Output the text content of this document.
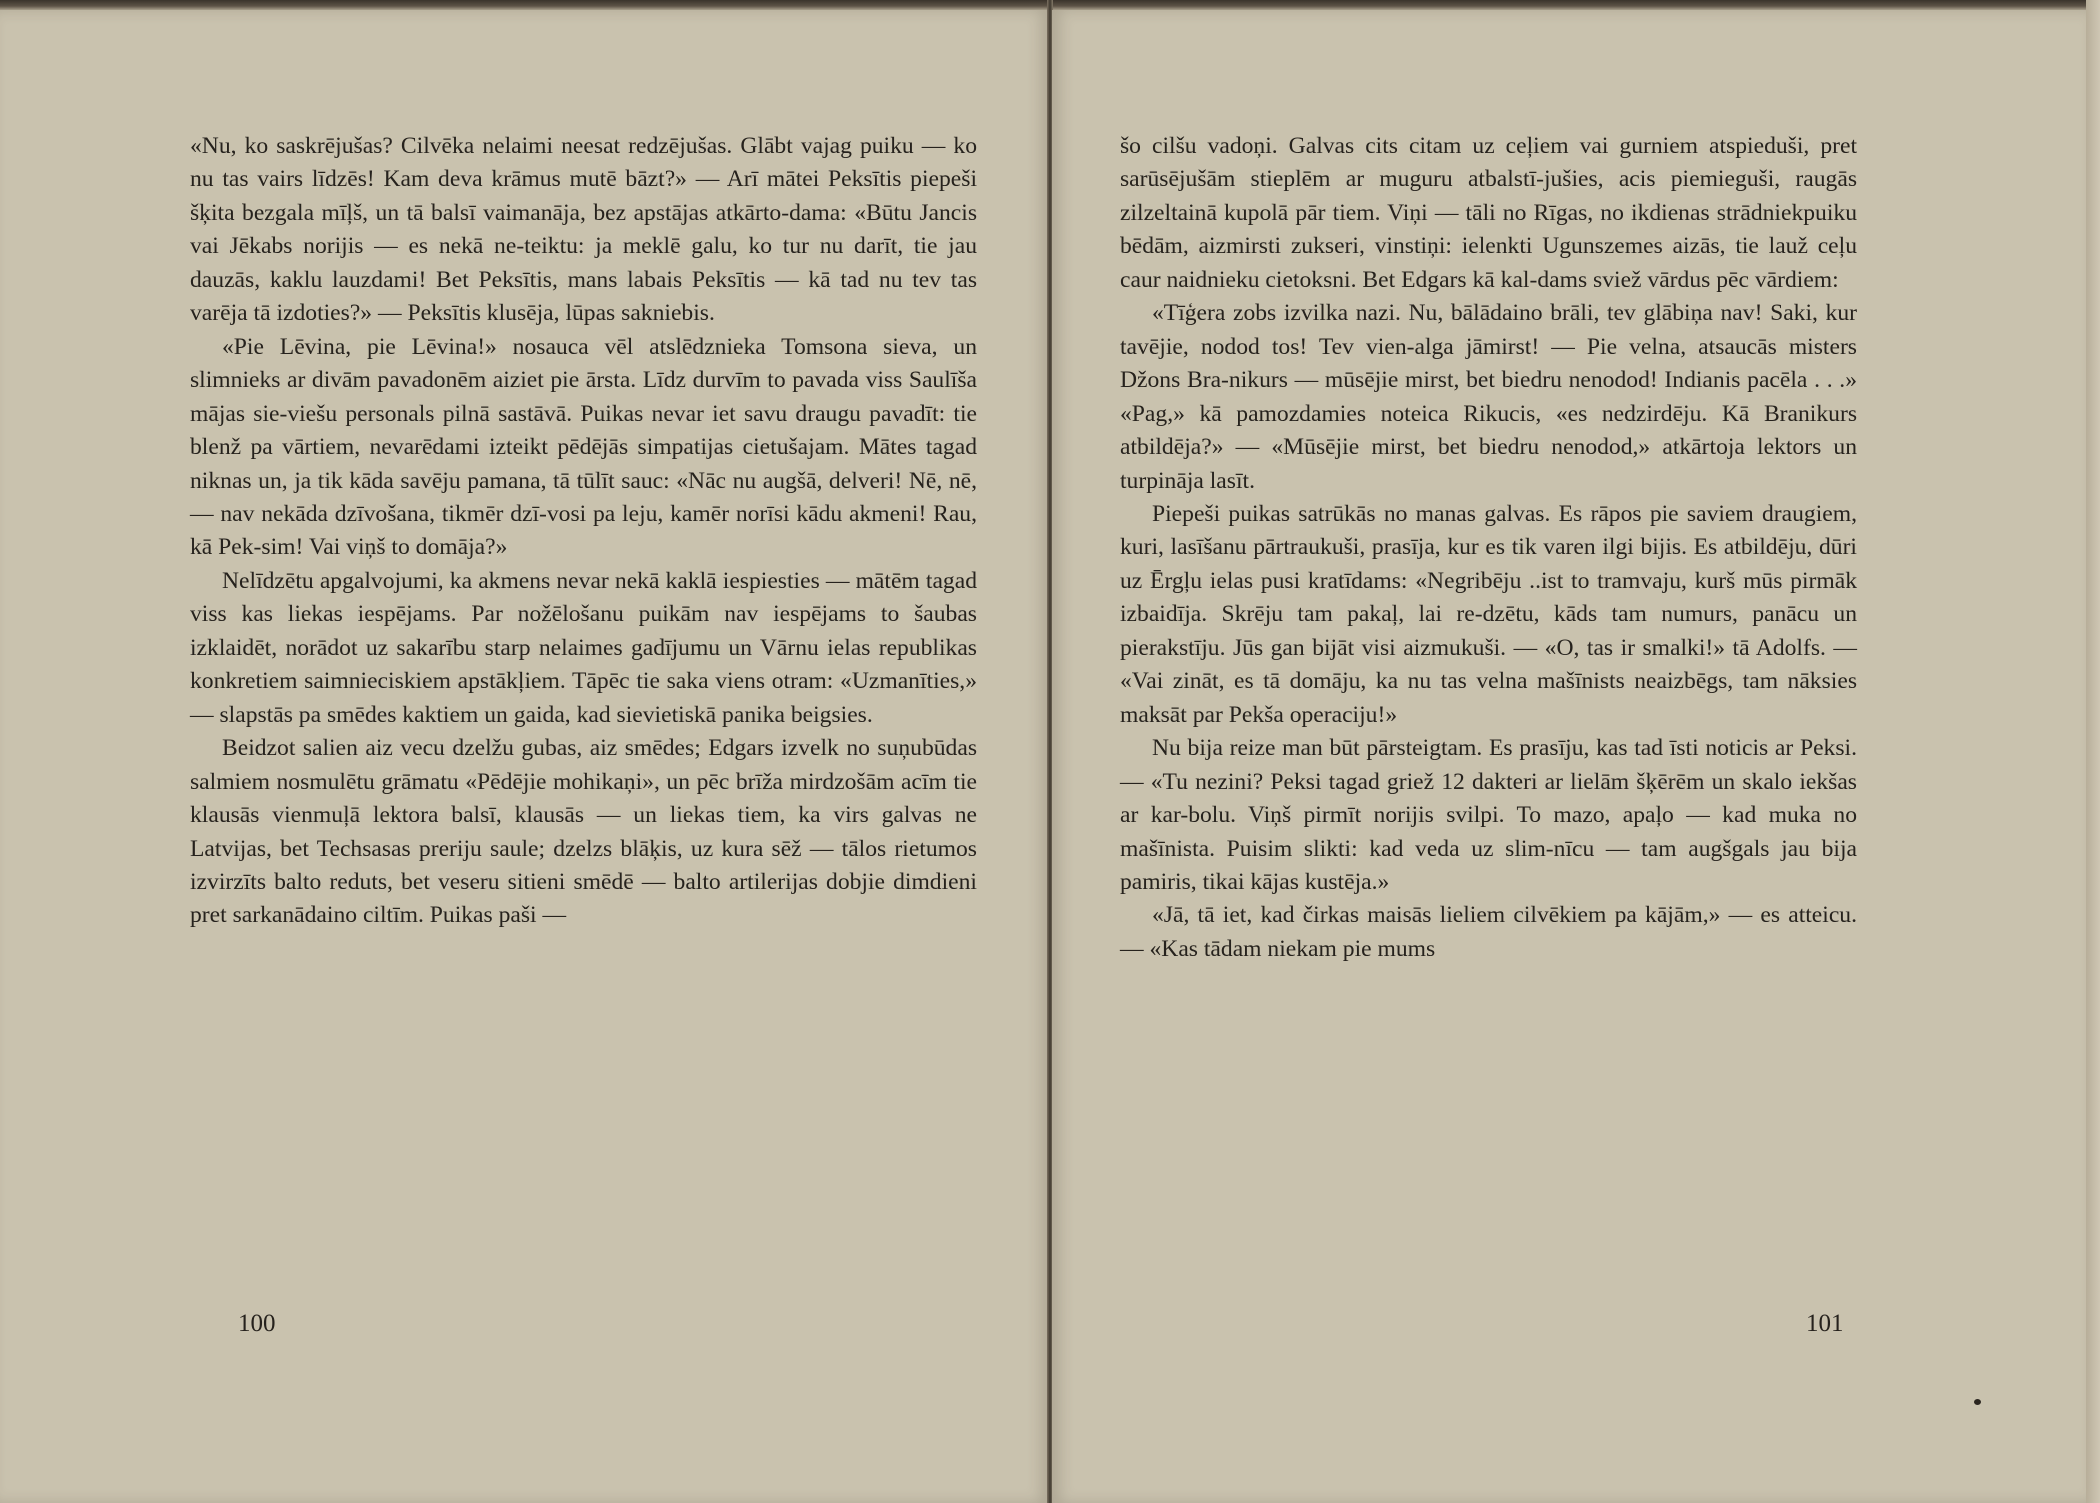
«Nu, ko saskrējušas? Cilvēka nelaimi neesat redzējušas. Glābt vajag puiku — ko nu tas vairs līdzēs! Kam deva krāmus mutē bāzt?» — Arī mātei Peksītis piepeši šķita bezgala mīļš, un tā balsī vaimanāja, bez apstājas atkārto-dama: «Būtu Jancis vai Jēkabs norijis — es nekā ne-teiktu: ja meklē galu, ko tur nu darīt, tie jau dauzās, kaklu lauzdami! Bet Peksītis, mans labais Peksītis — kā tad nu tev tas varēja tā izdoties?» — Peksītis klusēja, lūpas sakniebis.

«Pie Lēvina, pie Lēvina!» nosauca vēl atslēdznieka Tomsona sieva, un slimnieks ar divām pavadonēm aiziet pie ārsta. Līdz durvīm to pavada viss Saulīša mājas sie-viešu personals pilnā sastāvā. Puikas nevar iet savu draugu pavadīt: tie blenž pa vārtiem, nevarēdami izteikt pēdējās simpatijas cietušajam. Mātes tagad niknas un, ja tik kāda savēju pamana, tā tūlīt sauc: «Nāc nu augšā, delveri! Nē, nē, — nav nekāda dzīvošana, tikmēr dzī-vosi pa leju, kamēr norīsi kādu akmeni! Rau, kā Pek-sim! Vai viņš to domāja?»

Nelīdzētu apgalvojumi, ka akmens nevar nekā kaklā iespiesties — mātēm tagad viss kas liekas iespējams. Par nožēlošanu puikām nav iespējams to šaubas izklaidēt, norādot uz sakarību starp nelaimes gadījumu un Vārnu ielas republikas konkretiem saimnieciskiem apstākļiem. Tāpēc tie saka viens otram: «Uzmanīties,» — slapstās pa smēdes kaktiem un gaida, kad sievietiskā panika beigsies.

Beidzot salien aiz vecu dzelžu gubas, aiz smēdes; Edgars izvelk no suņubūdas salmiem nosmulētu grāmatu «Pēdējie mohikaņi», un pēc brīža mirdzošām acīm tie klausās vienmuļā lektora balsī, klausās — un liekas tiem, ka virs galvas ne Latvijas, bet Techsasas preriju saule; dzelzs blāķis, uz kura sēž — tālos rietumos izvirzīts balto reduts, bet veseru sitieni smēdē — balto artilerijas dobjie dimdieni pret sarkanādaino ciltīm. Puikas paši —

100

šo cilšu vadoņi. Galvas cits citam uz ceļiem vai gurniem atspieduši, pret sarūsējušām stieplēm ar muguru atbalstī-jušies, acis piemieguši, raugās zilzeltainā kupolā pār tiem. Viņi — tāli no Rīgas, no ikdienas strādniekpuiku bēdām, aizmirsti zukseri, vinstiņi: ielenkti Ugunszemes aizās, tie lauž ceļu caur naidnieku cietoksni. Bet Edgars kā kal-dams sviež vārdus pēc vārdiem:

«Tīģera zobs izvilka nazi. Nu, bālādaino brāli, tev glābiņa nav! Saki, kur tavējie, nodod tos! Tev vien-alga jāmirst! — Pie velna, atsaucās misters Džons Bra-nikurs — mūsējie mirst, bet biedru nenodod! Indianis pacēla . . .» «Pag,» kā pamozdamies noteica Rikucis, «es nedzirdēju. Kā Branikurs atbildēja?» — «Mūsējie mirst, bet biedru nenodod,» atkārtoja lektors un turpināja lasīt.

Piepeši puikas satrūkās no manas galvas. Es rāpos pie saviem draugiem, kuri, lasīšanu pārtraukuši, prasīja, kur es tik varen ilgi bijis. Es atbildēju, dūri uz Ērgļu ielas pusi kratīdams: «Negribēju ..ist to tramvaju, kurš mūs pirmāk izbaidīja. Skrēju tam pakaļ, lai re-dzētu, kāds tam numurs, panācu un pierakstīju. Jūs gan bijāt visi aizmukuši. — «O, tas ir smalki!» tā Adolfs. — «Vai zināt, es tā domāju, ka nu tas velna mašīnists neaizbēgs, tam nāksies maksāt par Pekša operaciju!»

Nu bija reize man būt pārsteigtam. Es prasīju, kas tad īsti noticis ar Peksi. — «Tu nezini? Peksi tagad griež 12 dakteri ar lielām šķērēm un skalo iekšas ar kar-bolu. Viņš pirmīt norijis svilpi. To mazo, apaļo — kad muka no mašīnista. Puisim slikti: kad veda uz slim-nīcu — tam augšgals jau bija pamiris, tikai kājas kustēja.»

«Jā, tā iet, kad čirkas maisās lieliem cilvēkiem pa kājām,» — es atteicu. — «Kas tādam niekam pie mums

101
